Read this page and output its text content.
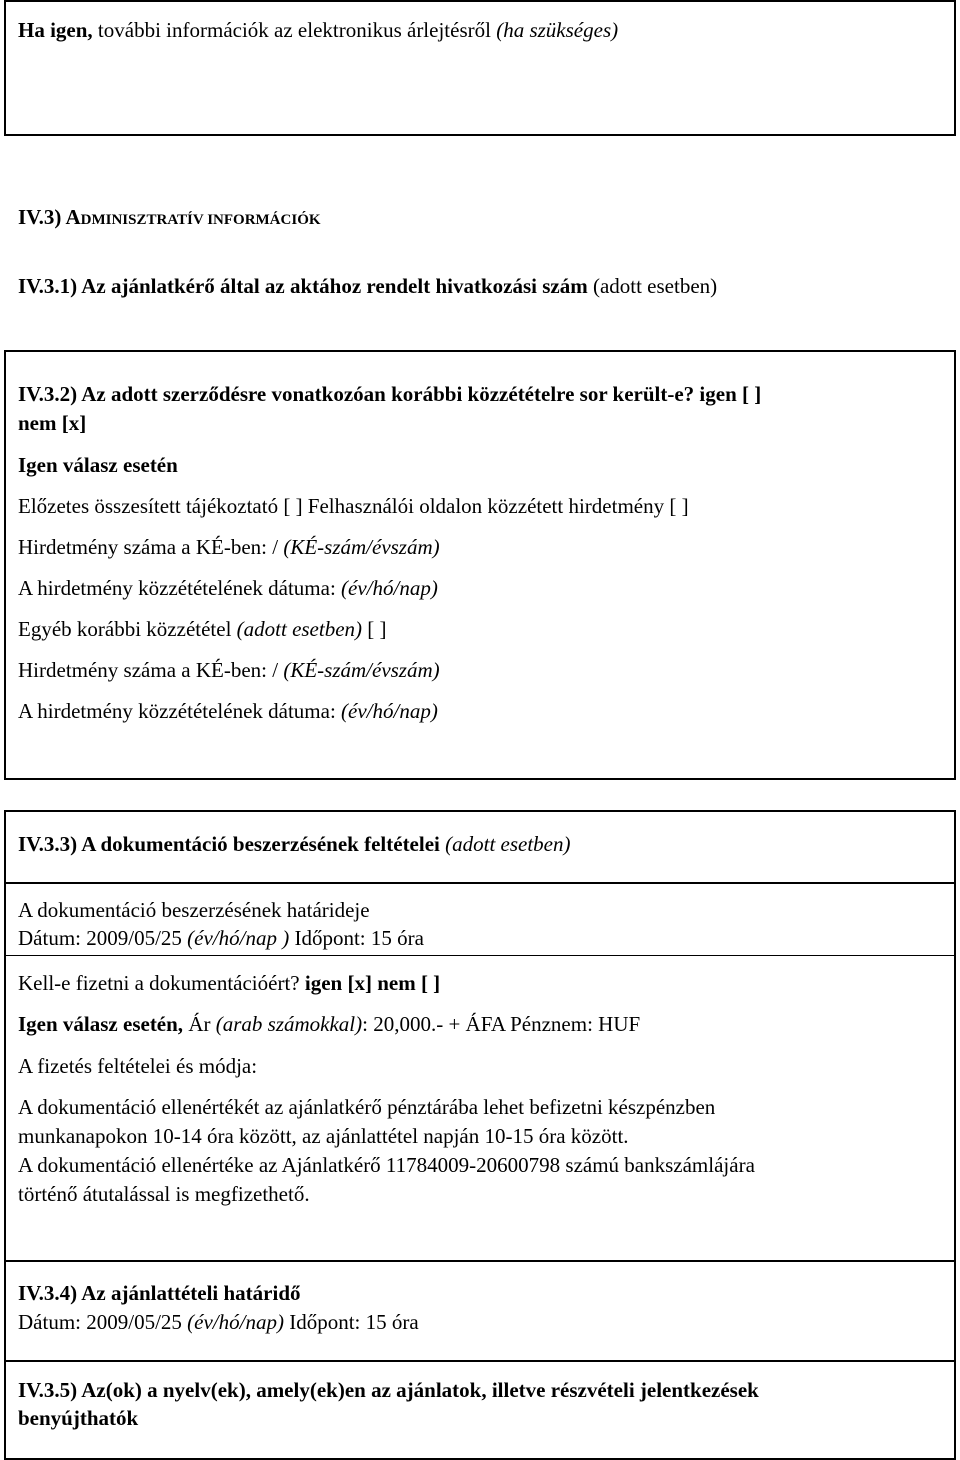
Ha igen, további információk az elektronikus árlejtésről (ha szükséges)
IV.3) ADMINISZTRATÍV INFORMÁCIÓK
IV.3.1) Az ajánlatkérő által az aktához rendelt hivatkozási szám (adott esetben)
IV.3.2) Az adott szerződésre vonatkozóan korábbi közzétételre sor került-e? igen [ ]
nem [x]
Igen válasz esetén
Előzetes összesített tájékoztató [ ] Felhasználói oldalon közzétett hirdetmény [ ]
Hirdetmény száma a KÉ-ben: / (KÉ-szám/évszám)
A hirdetmény közzétételének dátuma: (év/hó/nap)
Egyéb korábbi közzététel (adott esetben) [ ]
Hirdetmény száma a KÉ-ben: / (KÉ-szám/évszám)
A hirdetmény közzétételének dátuma: (év/hó/nap)
IV.3.3) A dokumentáció beszerzésének feltételei (adott esetben)
A dokumentáció beszerzésének határideje
Dátum: 2009/05/25 (év/hó/nap ) Időpont: 15 óra
Kell-e fizetni a dokumentációért? igen [x] nem [ ]
Igen válasz esetén, Ár (arab számokkal): 20,000.- + ÁFA Pénznem: HUF
A fizetés feltételei és módja:
A dokumentáció ellenértékét az ajánlatkérő pénztárába lehet befizetni készpénzben
munkanapokon 10-14 óra között, az ajánlattétel napján 10-15 óra között.
A dokumentáció ellenértéke az Ajánlatkérő 11784009-20600798 számú bankszámlájára
történő átutalással is megfizethető.
IV.3.4) Az ajánlattételi határidő
Dátum: 2009/05/25 (év/hó/nap) Időpont: 15 óra
IV.3.5) Az(ok) a nyelv(ek), amely(ek)en az ajánlatok, illetve részvételi jelentkezések
benyújthatók
